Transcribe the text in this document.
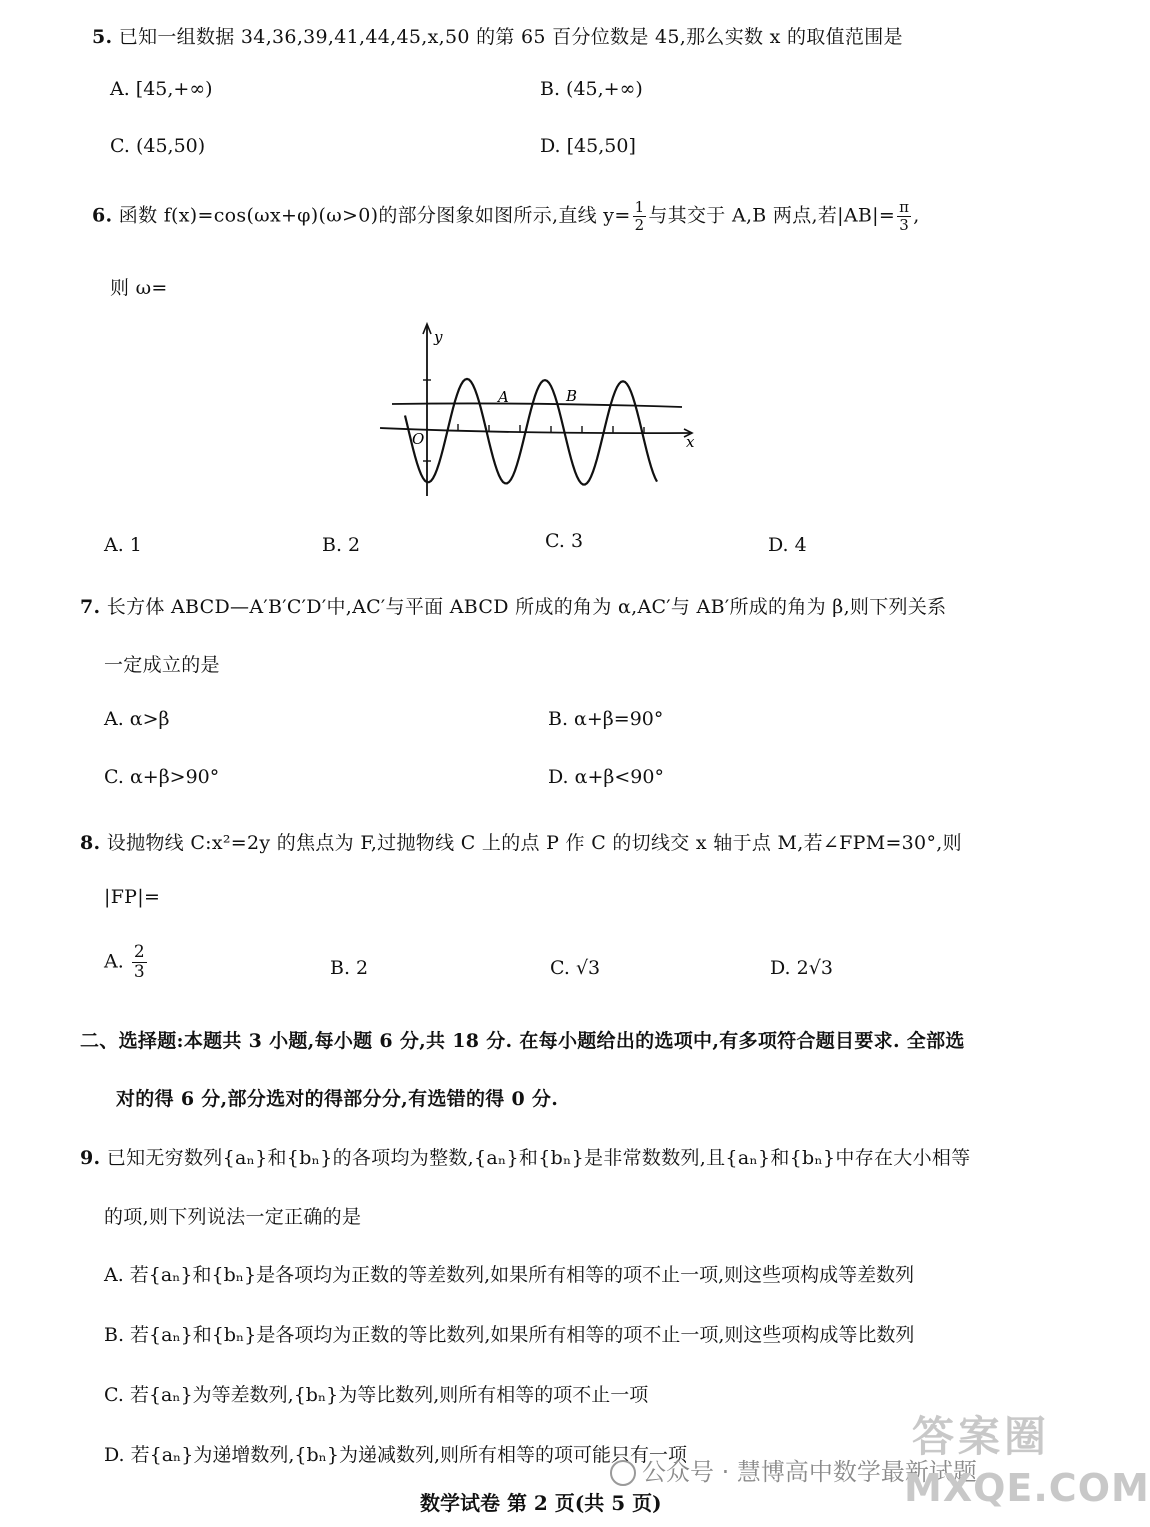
5. 已知一组数据 34,36,39,41,44,45,x,50 的第 65 百分位数是 45,那么实数 x 的取值范围是
A. [45,+∞)	B. (45,+∞)
C. (45,50)	D. [45,50]
6. 函数 f(x)=cos(ωx+φ)(ω>0)的部分图象如图所示,直线 $y= \frac{1}{2}$ 与其交于 A,B 两点,若$|AB|= \frac{\pi}{3}$ ,
则 ω=
y
x
O
A	B
A. 1	B. 2	C. 3	D. 4
7. 长方体 ABCD—A′B′C′D′中,AC′与平面 ABCD 所成的角为 α,AC′与 AB′所成的角为 β,则下列关系
一定成立的是
A. α>β	B. α+β=90°
C. α+β>90°	D. α+β<90°
8. 设抛物线 C:x²=2y 的焦点为 F,过抛物线 C 上的点 P 作 C 的切线交 x 轴于点 M,若∠FPM=30°,则
|FP|=
A. $\frac{2}{3}$	B. 2	C. √3	D. 2√3
二、选择题:本题共 3 小题,每小题 6 分,共 18 分. 在每小题给出的选项中,有多项符合题目要求. 全部选
对的得 6 分,部分选对的得部分分,有选错的得 0 分.
9. 已知无穷数列{aₙ}和{bₙ}的各项均为整数,{aₙ}和{bₙ}是非常数数列,且{aₙ}和{bₙ}中存在大小相等
的项,则下列说法一定正确的是
A. 若{aₙ}和{bₙ}是各项均为正数的等差数列,如果所有相等的项不止一项,则这些项构成等差数列
B. 若{aₙ}和{bₙ}是各项均为正数的等比数列,如果所有相等的项不止一项,则这些项构成等比数列
C. 若{aₙ}为等差数列,{bₙ}为等比数列,则所有相等的项不止一项
D. 若{aₙ}为递增数列,{bₙ}为递减数列,则所有相等的项可能只有一项
公众号 · 慧博高中数学最新试题
答案圈
MXQE.COM
数学试卷 第 2 页(共 5 页)
